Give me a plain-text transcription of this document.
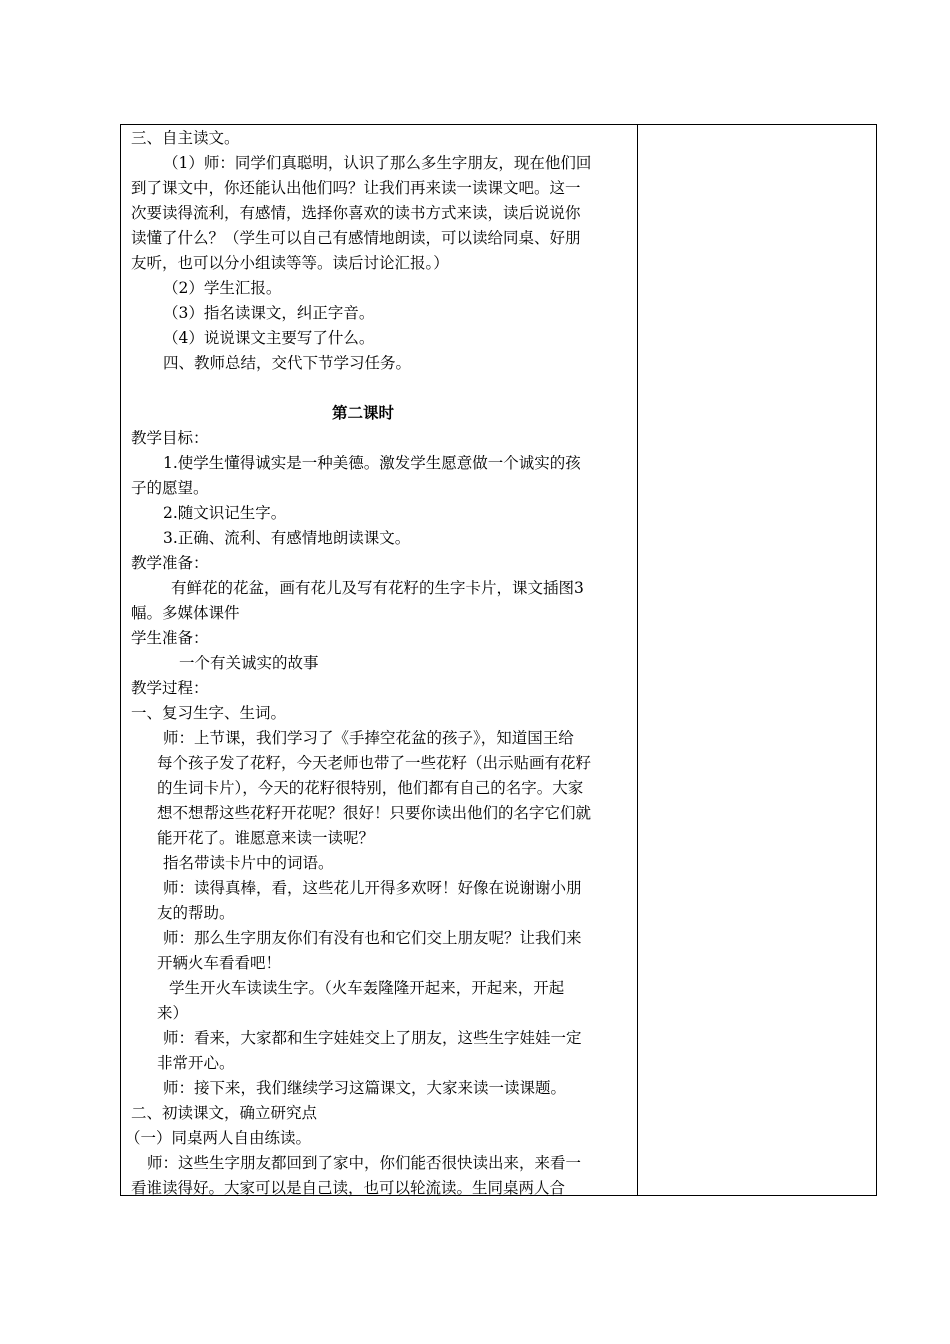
三、自主读文。
（1）师：同学们真聪明，认识了那么多生字朋友，现在他们回
到了课文中，你还能认出他们吗？让我们再来读一读课文吧。这一
次要读得流利，有感情，选择你喜欢的读书方式来读，读后说说你
读懂了什么？（学生可以自己有感情地朗读，可以读给同桌、好朋
友听，也可以分小组读等等。读后讨论汇报。）
（2）学生汇报。
（3）指名读课文，纠正字音。
（4）说说课文主要写了什么。
四、教师总结，交代下节学习任务。
第二课时
教学目标：
1.使学生懂得诚实是一种美德。激发学生愿意做一个诚实的孩
子的愿望。
2.随文识记生字。
3.正确、流利、有感情地朗读课文。
教学准备：
有鲜花的花盆，画有花儿及写有花籽的生字卡片，课文插图3
幅。多媒体课件
学生准备：
一个有关诚实的故事
教学过程：
一、复习生字、生词。
师：上节课，我们学习了《手捧空花盆的孩子》，知道国王给
每个孩子发了花籽，今天老师也带了一些花籽（出示贴画有花籽
的生词卡片），今天的花籽很特别，他们都有自己的名字。大家
想不想帮这些花籽开花呢？很好！只要你读出他们的名字它们就
能开花了。谁愿意来读一读呢？
指名带读卡片中的词语。
师：读得真棒，看，这些花儿开得多欢呀！好像在说谢谢小朋
友的帮助。
师：那么生字朋友你们有没有也和它们交上朋友呢？让我们来
开辆火车看看吧！
学生开火车读读生字。（火车轰隆隆开起来，开起来，开起
来）
师：看来，大家都和生字娃娃交上了朋友，这些生字娃娃一定
非常开心。
师：接下来，我们继续学习这篇课文，大家来读一读课题。
二、初读课文，确立研究点
（一）同桌两人自由练读。
师：这些生字朋友都回到了家中，你们能否很快读出来，来看一
看谁读得好。大家可以是自己读，也可以轮流读。生同桌两人合
